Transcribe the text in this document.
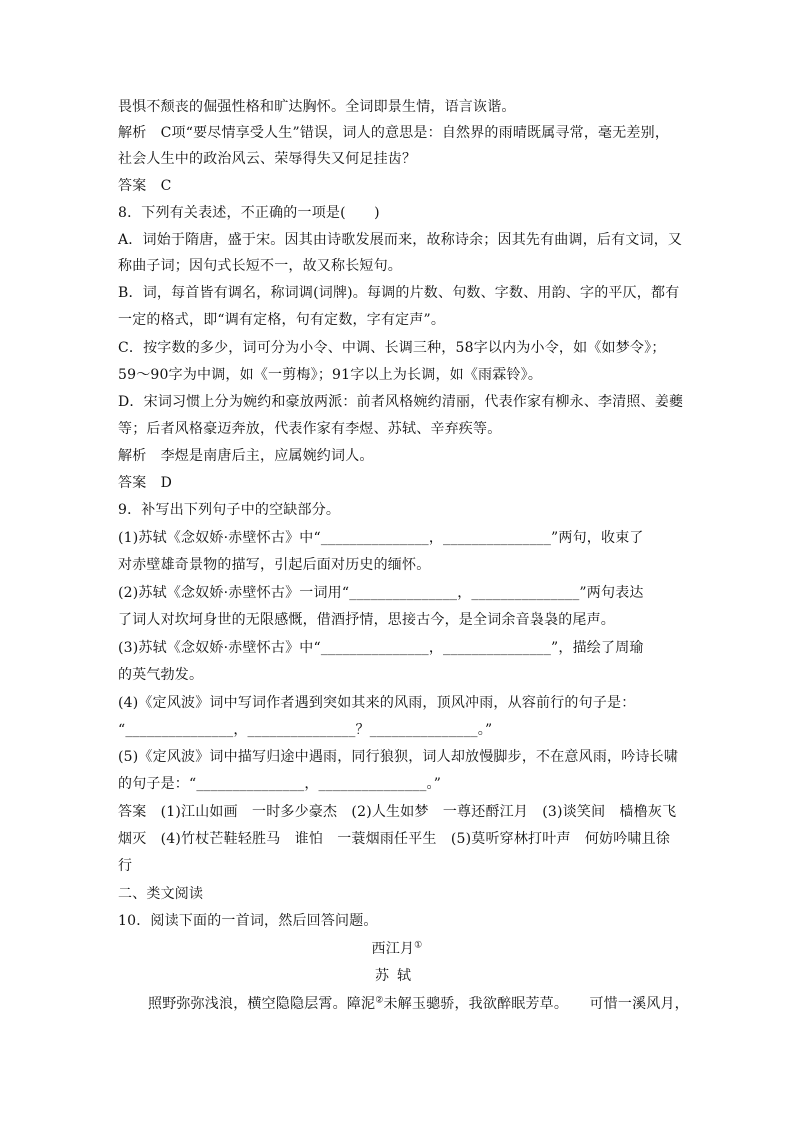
畏惧不颓丧的倔强性格和旷达胸怀。全词即景生情，语言诙谐。
解析　C项“要尽情享受人生”错误，词人的意思是：自然界的雨晴既属寻常，毫无差别，
社会人生中的政治风云、荣辱得失又何足挂齿？
答案　C
8．下列有关表述，不正确的一项是(　　)
A．词始于隋唐，盛于宋。因其由诗歌发展而来，故称诗余；因其先有曲调，后有文词，又
称曲子词；因句式长短不一，故又称长短句。
B．词，每首皆有调名，称词调(词牌)。每调的片数、句数、字数、用韵、字的平仄，都有
一定的格式，即“调有定格，句有定数，字有定声”。
C．按字数的多少，词可分为小令、中调、长调三种，58字以内为小令，如《如梦令》；
59～90字为中调，如《一剪梅》；91字以上为长调，如《雨霖铃》。
D．宋词习惯上分为婉约和豪放两派：前者风格婉约清丽，代表作家有柳永、李清照、姜夔
等；后者风格豪迈奔放，代表作家有李煜、苏轼、辛弃疾等。
解析　李煜是南唐后主，应属婉约词人。
答案　D
9．补写出下列句子中的空缺部分。
(1)苏轼《念奴娇·赤壁怀古》中“_______________，_______________”两句，收束了
对赤壁雄奇景物的描写，引起后面对历史的缅怀。
(2)苏轼《念奴娇·赤壁怀古》一词用“_______________，_______________”两句表达
了词人对坎坷身世的无限感慨，借酒抒情，思接古今，是全词余音袅袅的尾声。
(3)苏轼《念奴娇·赤壁怀古》中“_______________，_______________”，描绘了周瑜
的英气勃发。
(4)《定风波》词中写词作者遇到突如其来的风雨，顶风冲雨，从容前行的句子是：
“_______________，_______________？_______________。”
(5)《定风波》词中描写归途中遇雨，同行狼狈，词人却放慢脚步，不在意风雨，吟诗长啸
的句子是：“_______________，_______________。”
答案　(1)江山如画　一时多少豪杰　(2)人生如梦　一尊还酹江月　(3)谈笑间　樯橹灰飞
烟灭　(4)竹杖芒鞋轻胜马　谁怕　一蓑烟雨任平生　(5)莫听穿林打叶声　何妨吟啸且徐
行
二、类文阅读
10．阅读下面的一首词，然后回答问题。
西江月①
苏轼
照野弥弥浅浪，横空隐隐层霄。障泥②未解玉骢骄，我欲醉眠芳草。　　可惜一溪风月，
